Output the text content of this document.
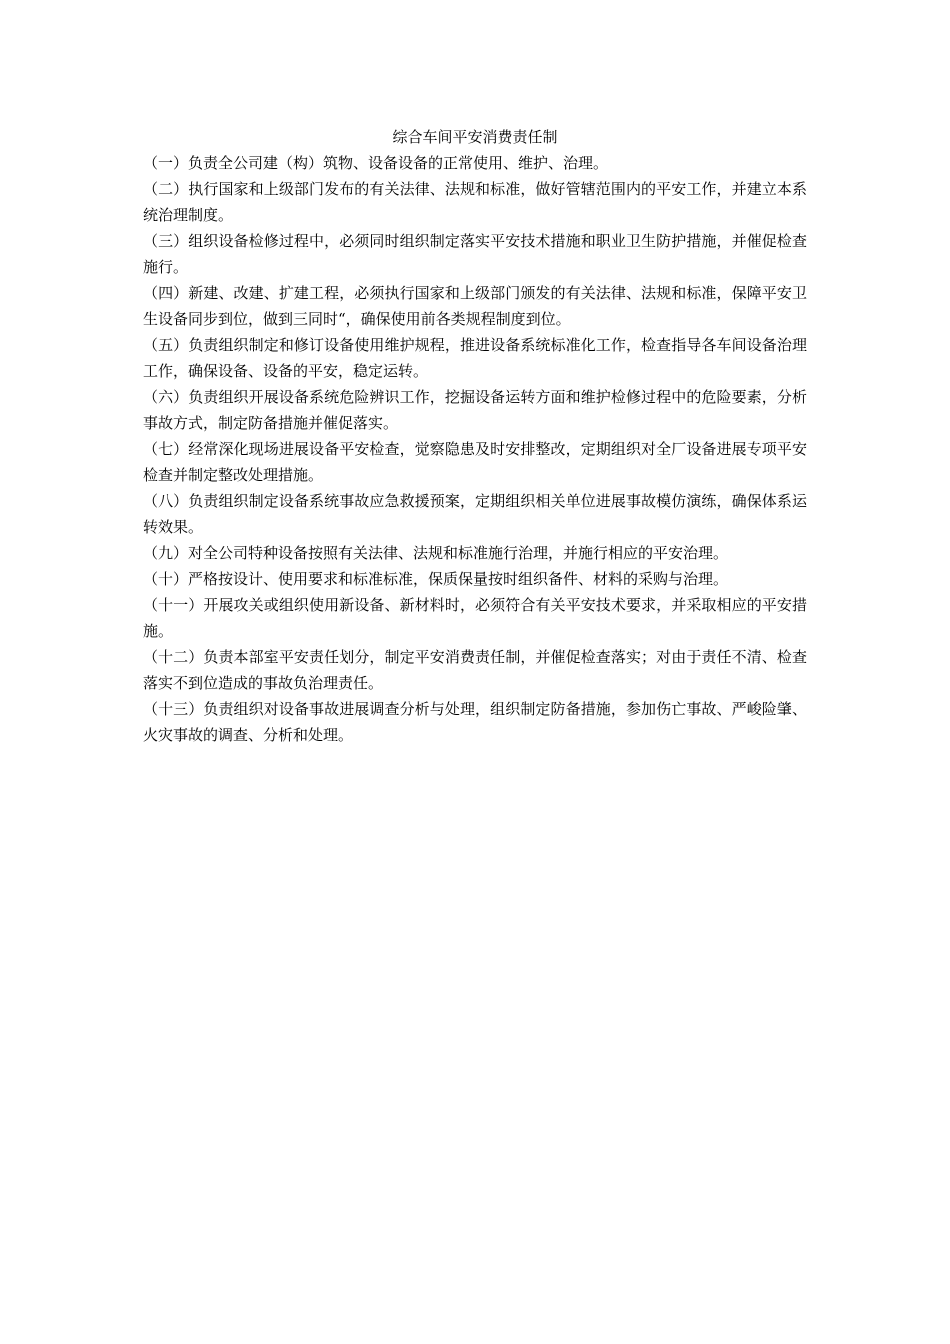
综合车间平安消费责任制

（一）负责全公司建（构）筑物、设备设备的正常使用、维护、治理。

（二）执行国家和上级部门发布的有关法律、法规和标准，做好管辖范围内的平安工作，并建立本系统治理制度。

（三）组织设备检修过程中，必须同时组织制定落实平安技术措施和职业卫生防护措施，并催促检查施行。

（四）新建、改建、扩建工程，必须执行国家和上级部门颁发的有关法律、法规和标准，保障平安卫生设备同步到位，做到三同时“，确保使用前各类规程制度到位。

（五）负责组织制定和修订设备使用维护规程，推进设备系统标准化工作，检查指导各车间设备治理工作，确保设备、设备的平安，稳定运转。

（六）负责组织开展设备系统危险辨识工作，挖掘设备运转方面和维护检修过程中的危险要素，分析事故方式，制定防备措施并催促落实。

（七）经常深化现场进展设备平安检查，觉察隐患及时安排整改，定期组织对全厂设备进展专项平安检查并制定整改处理措施。

（八）负责组织制定设备系统事故应急救援预案，定期组织相关单位进展事故模仿演练，确保体系运转效果。

（九）对全公司特种设备按照有关法律、法规和标准施行治理，并施行相应的平安治理。

（十）严格按设计、使用要求和标准标准，保质保量按时组织备件、材料的采购与治理。

（十一）开展攻关或组织使用新设备、新材料时，必须符合有关平安技术要求，并采取相应的平安措施。

（十二）负责本部室平安责任划分，制定平安消费责任制，并催促检查落实；对由于责任不清、检查落实不到位造成的事故负治理责任。

（十三）负责组织对设备事故进展调查分析与处理，组织制定防备措施，参加伤亡事故、严峻险肇、火灾事故的调查、分析和处理。
